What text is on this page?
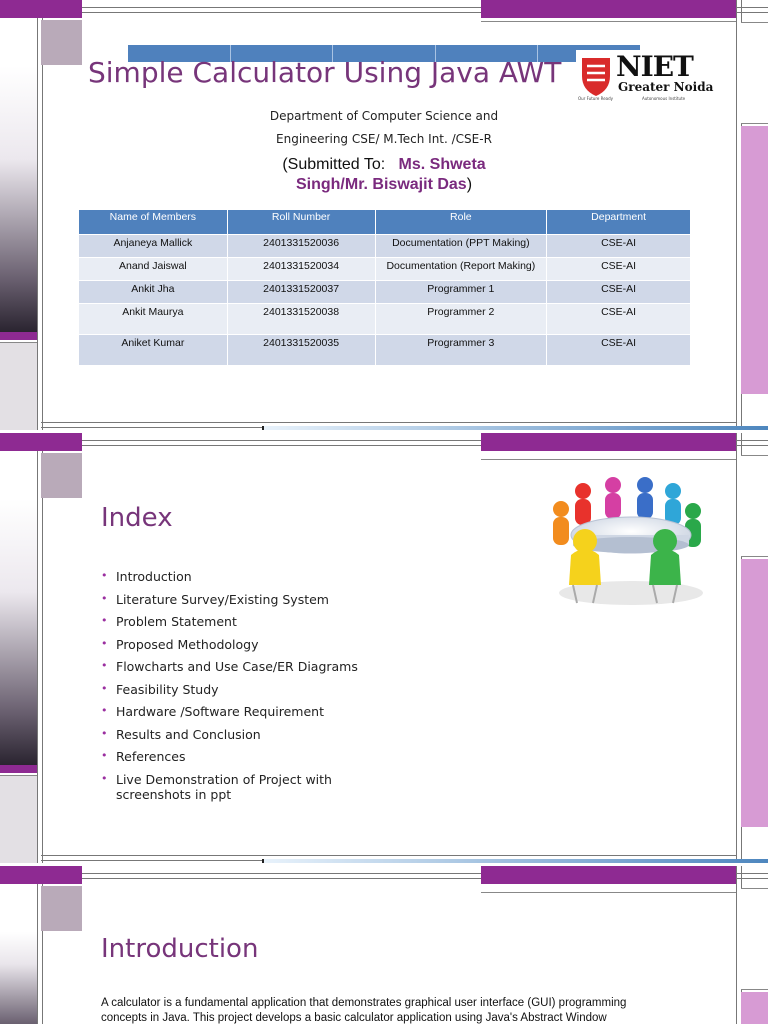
Simple Calculator Using Java AWT NIET
Greater Noida
Our Future Ready	Autonomous Institute
Department of Computer Science and
Engineering CSE/ M.Tech Int. /CSE-R
(Submitted To: Ms. Shweta
Singh/Mr. Biswajit Das)
Name of Members	Roll Number	Role	Department
Anjaneya Mallick	2401331520036	Documentation (PPT Making)	CSE-AI
Anand Jaiswal	2401331520034	Documentation (Report Making)	CSE-AI
Ankit Jha	2401331520037	Programmer 1	CSE-AI
Ankit Maurya	2401331520038	Programmer 2	CSE-AI
Aniket Kumar	2401331520035	Programmer 3	CSE-AI
Index
• Introduction
• Literature Survey/Existing System
• Problem Statement
• Proposed Methodology
• Flowcharts and Use Case/ER Diagrams
• Feasibility Study
• Hardware /Software Requirement
• Results and Conclusion
• References
• Live Demonstration of Project with screenshots in ppt
Introduction
A calculator is a fundamental application that demonstrates graphical user interface (GUI) programming concepts in Java. This project develops a basic calculator application using Java's Abstract Window
